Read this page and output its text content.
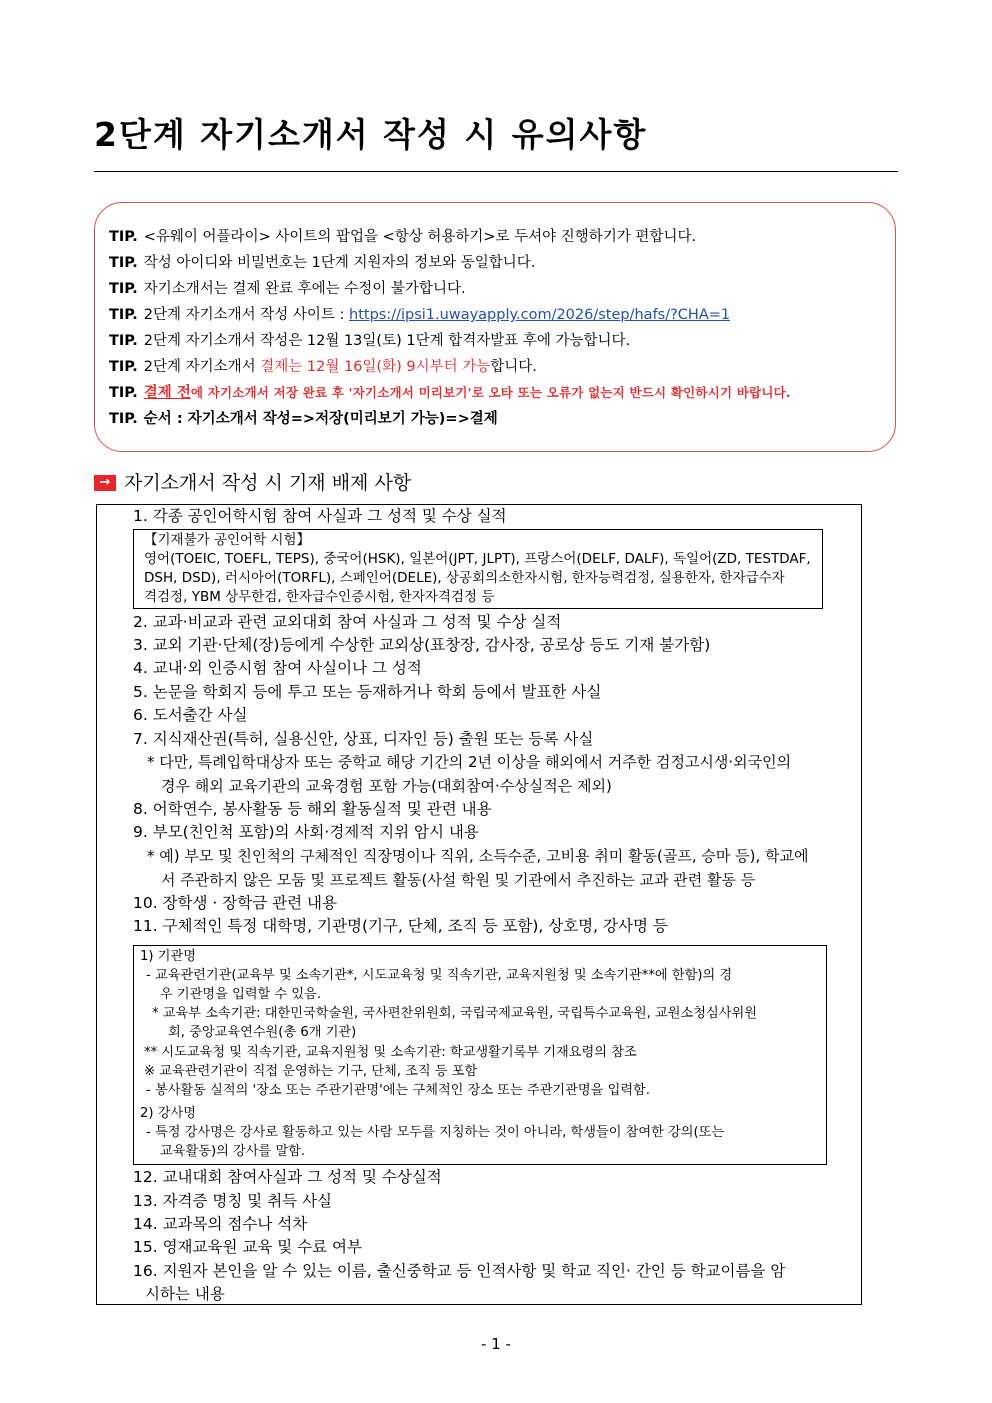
2단계 자기소개서 작성 시 유의사항
TIP. <유웨이 어플라이> 사이트의 팝업을 <항상 허용하기>로 두셔야 진행하기가 편합니다.
TIP. 작성 아이디와 비밀번호는 1단계 지원자의 정보와 동일합니다.
TIP. 자기소개서는 결제 완료 후에는 수정이 불가합니다.
TIP. 2단계 자기소개서 작성 사이트 : https://ipsi1.uwayapply.com/2026/step/hafs/?CHA=1
TIP. 2단계 자기소개서 작성은 12월 13일(토) 1단계 합격자발표 후에 가능합니다.
TIP. 2단계 자기소개서 결제는 12월 16일(화) 9시부터 가능합니다.
TIP. 결제 전에 자기소개서 저장 완료 후 '자기소개서 미리보기'로 오타 또는 오류가 없는지 반드시 확인하시기 바랍니다.
TIP. 순서 : 자기소개서 작성=>저장(미리보기 가능)=>결제
→ 자기소개서 작성 시 기재 배제 사항
1. 각종 공인어학시험 참여 사실과 그 성적 및 수상 실적
【기재불가 공인어학 시험】
영어(TOEIC, TOEFL, TEPS), 중국어(HSK), 일본어(JPT, JLPT), 프랑스어(DELF, DALF), 독일어(ZD, TESTDAF,
DSH, DSD), 러시아어(TORFL), 스페인어(DELE), 상공회의소한자시험, 한자능력검정, 실용한자, 한자급수자
격검정, YBM 상무한검, 한자급수인증시험, 한자자격검정 등
2. 교과·비교과 관련 교외대회 참여 사실과 그 성적 및 수상 실적
3. 교외 기관·단체(장)등에게 수상한 교외상(표창장, 감사장, 공로상 등도 기재 불가함)
4. 교내·외 인증시험 참여 사실이나 그 성적
5. 논문을 학회지 등에 투고 또는 등재하거나 학회 등에서 발표한 사실
6. 도서출간 사실
7. 지식재산권(특허, 실용신안, 상표, 디자인 등) 출원 또는 등록 사실
* 다만, 특례입학대상자 또는 중학교 해당 기간의 2년 이상을 해외에서 거주한 검정고시생·외국인의
경우 해외 교육기관의 교육경험 포함 가능(대회참여·수상실적은 제외)
8. 어학연수, 봉사활동 등 해외 활동실적 및 관련 내용
9. 부모(친인척 포함)의 사회·경제적 지위 암시 내용
* 예) 부모 및 친인척의 구체적인 직장명이나 직위, 소득수준, 고비용 취미 활동(골프, 승마 등), 학교에
서 주관하지 않은 모둠 및 프로젝트 활동(사설 학원 및 기관에서 추진하는 교과 관련 활동 등
10. 장학생 · 장학금 관련 내용
11. 구체적인 특정 대학명, 기관명(기구, 단체, 조직 등 포함), 상호명, 강사명 등
1) 기관명
- 교육관련기관(교육부 및 소속기관*, 시도교육청 및 직속기관, 교육지원청 및 소속기관**에 한함)의 경
우 기관명을 입력할 수 있음.
* 교육부 소속기관: 대한민국학술원, 국사편찬위원회, 국립국제교육원, 국립특수교육원, 교원소청심사위원
회, 중앙교육연수원(총 6개 기관)
** 시도교육청 및 직속기관, 교육지원청 및 소속기관: 학교생활기록부 기재요령의 참조
※ 교육관련기관이 직접 운영하는 기구, 단체, 조직 등 포함
- 봉사활동 실적의 '장소 또는 주관기관명'에는 구체적인 장소 또는 주관기관명을 입력함.
2) 강사명
- 특정 강사명은 강사로 활동하고 있는 사람 모두를 지칭하는 것이 아니라, 학생들이 참여한 강의(또는
교육활동)의 강사를 말함.
12. 교내대회 참여사실과 그 성적 및 수상실적
13. 자격증 명칭 및 취득 사실
14. 교과목의 점수나 석차
15. 영재교육원 교육 및 수료 여부
16. 지원자 본인을 알 수 있는 이름, 출신중학교 등 인적사항 및 학교 직인· 간인 등 학교이름을 암
시하는 내용
- 1 -
